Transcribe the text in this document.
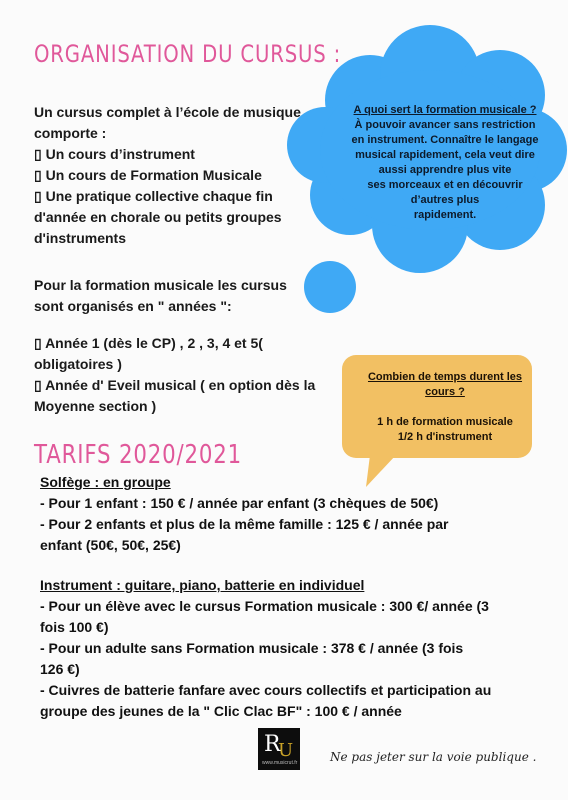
ORGANISATION DU CURSUS :
Un cursus complet à l’école de musique
comporte :
▯ Un cours d’instrument
▯ Un cours de Formation Musicale
▯ Une pratique collective chaque fin
d'année en chorale ou petits groupes
d'instruments
Pour la formation musicale les cursus
sont organisés en " années ":
▯ Année 1 (dès le CP) , 2 , 3, 4 et 5(
obligatoires )
▯ Année d' Eveil musical ( en option dès la
Moyenne section )
A quoi sert la formation musicale ?
À pouvoir avancer sans restriction
en instrument. Connaître le langage
musical rapidement, cela veut dire
aussi apprendre plus vite
ses morceaux et en découvrir
d’autres plus
rapidement.
Combien de temps durent les
cours ?
1 h de formation musicale
1/2 h d'instrument
TARIFS 2020/2021
Solfège : en groupe
- Pour 1 enfant : 150 € / année par enfant (3 chèques de 50€)
- Pour 2 enfants et plus de la même famille : 125 € / année par
enfant (50€, 50€, 25€)
Instrument : guitare, piano, batterie en individuel
- Pour un élève avec le cursus Formation musicale : 300 €/ année (3
fois 100 €)
- Pour un adulte sans Formation musicale : 378 € / année (3 fois
126 €)
- Cuivres de batterie fanfare avec cours collectifs et participation au
groupe des jeunes de la " Clic Clac BF" : 100 € / année
R
U
www.musicrut.fr	Ne pas jeter sur la voie publique .
